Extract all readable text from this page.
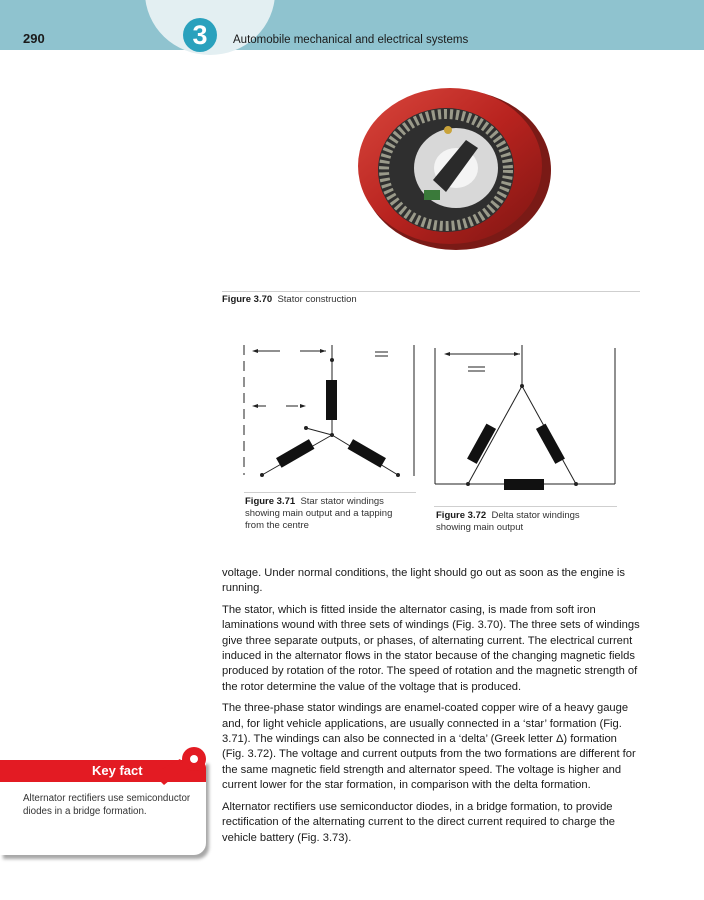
290	3	Automobile mechanical and electrical systems
Figure 3.70 Stator construction
Figure 3.71 Star stator windings showing main output and a tapping from the centre
Figure 3.72 Delta stator windings showing main output

voltage. Under normal conditions, the light should go out as soon as the engine is running.

The stator, which is fitted inside the alternator casing, is made from soft iron laminations wound with three sets of windings (Fig. 3.70). The three sets of windings give three separate outputs, or phases, of alternating current. The electrical current induced in the alternator flows in the stator because of the changing magnetic fields produced by rotation of the rotor. The speed of rotation and the magnetic strength of the rotor determine the value of the voltage that is produced.

The three-phase stator windings are enamel-coated copper wire of a heavy gauge and, for light vehicle applications, are usually connected in a ‘star’ formation (Fig. 3.71). The windings can also be connected in a ‘delta’ (Greek letter Δ) formation (Fig. 3.72). The voltage and current outputs from the two formations are different for the same magnetic field strength and alternator speed. The voltage is higher and current lower for the star formation, in comparison with the delta formation.

Alternator rectifiers use semiconductor diodes, in a bridge formation, to provide rectification of the alternating current to the direct current required to charge the vehicle battery (Fig. 3.73).

Key fact
Alternator rectifiers use semiconductor diodes in a bridge formation.
